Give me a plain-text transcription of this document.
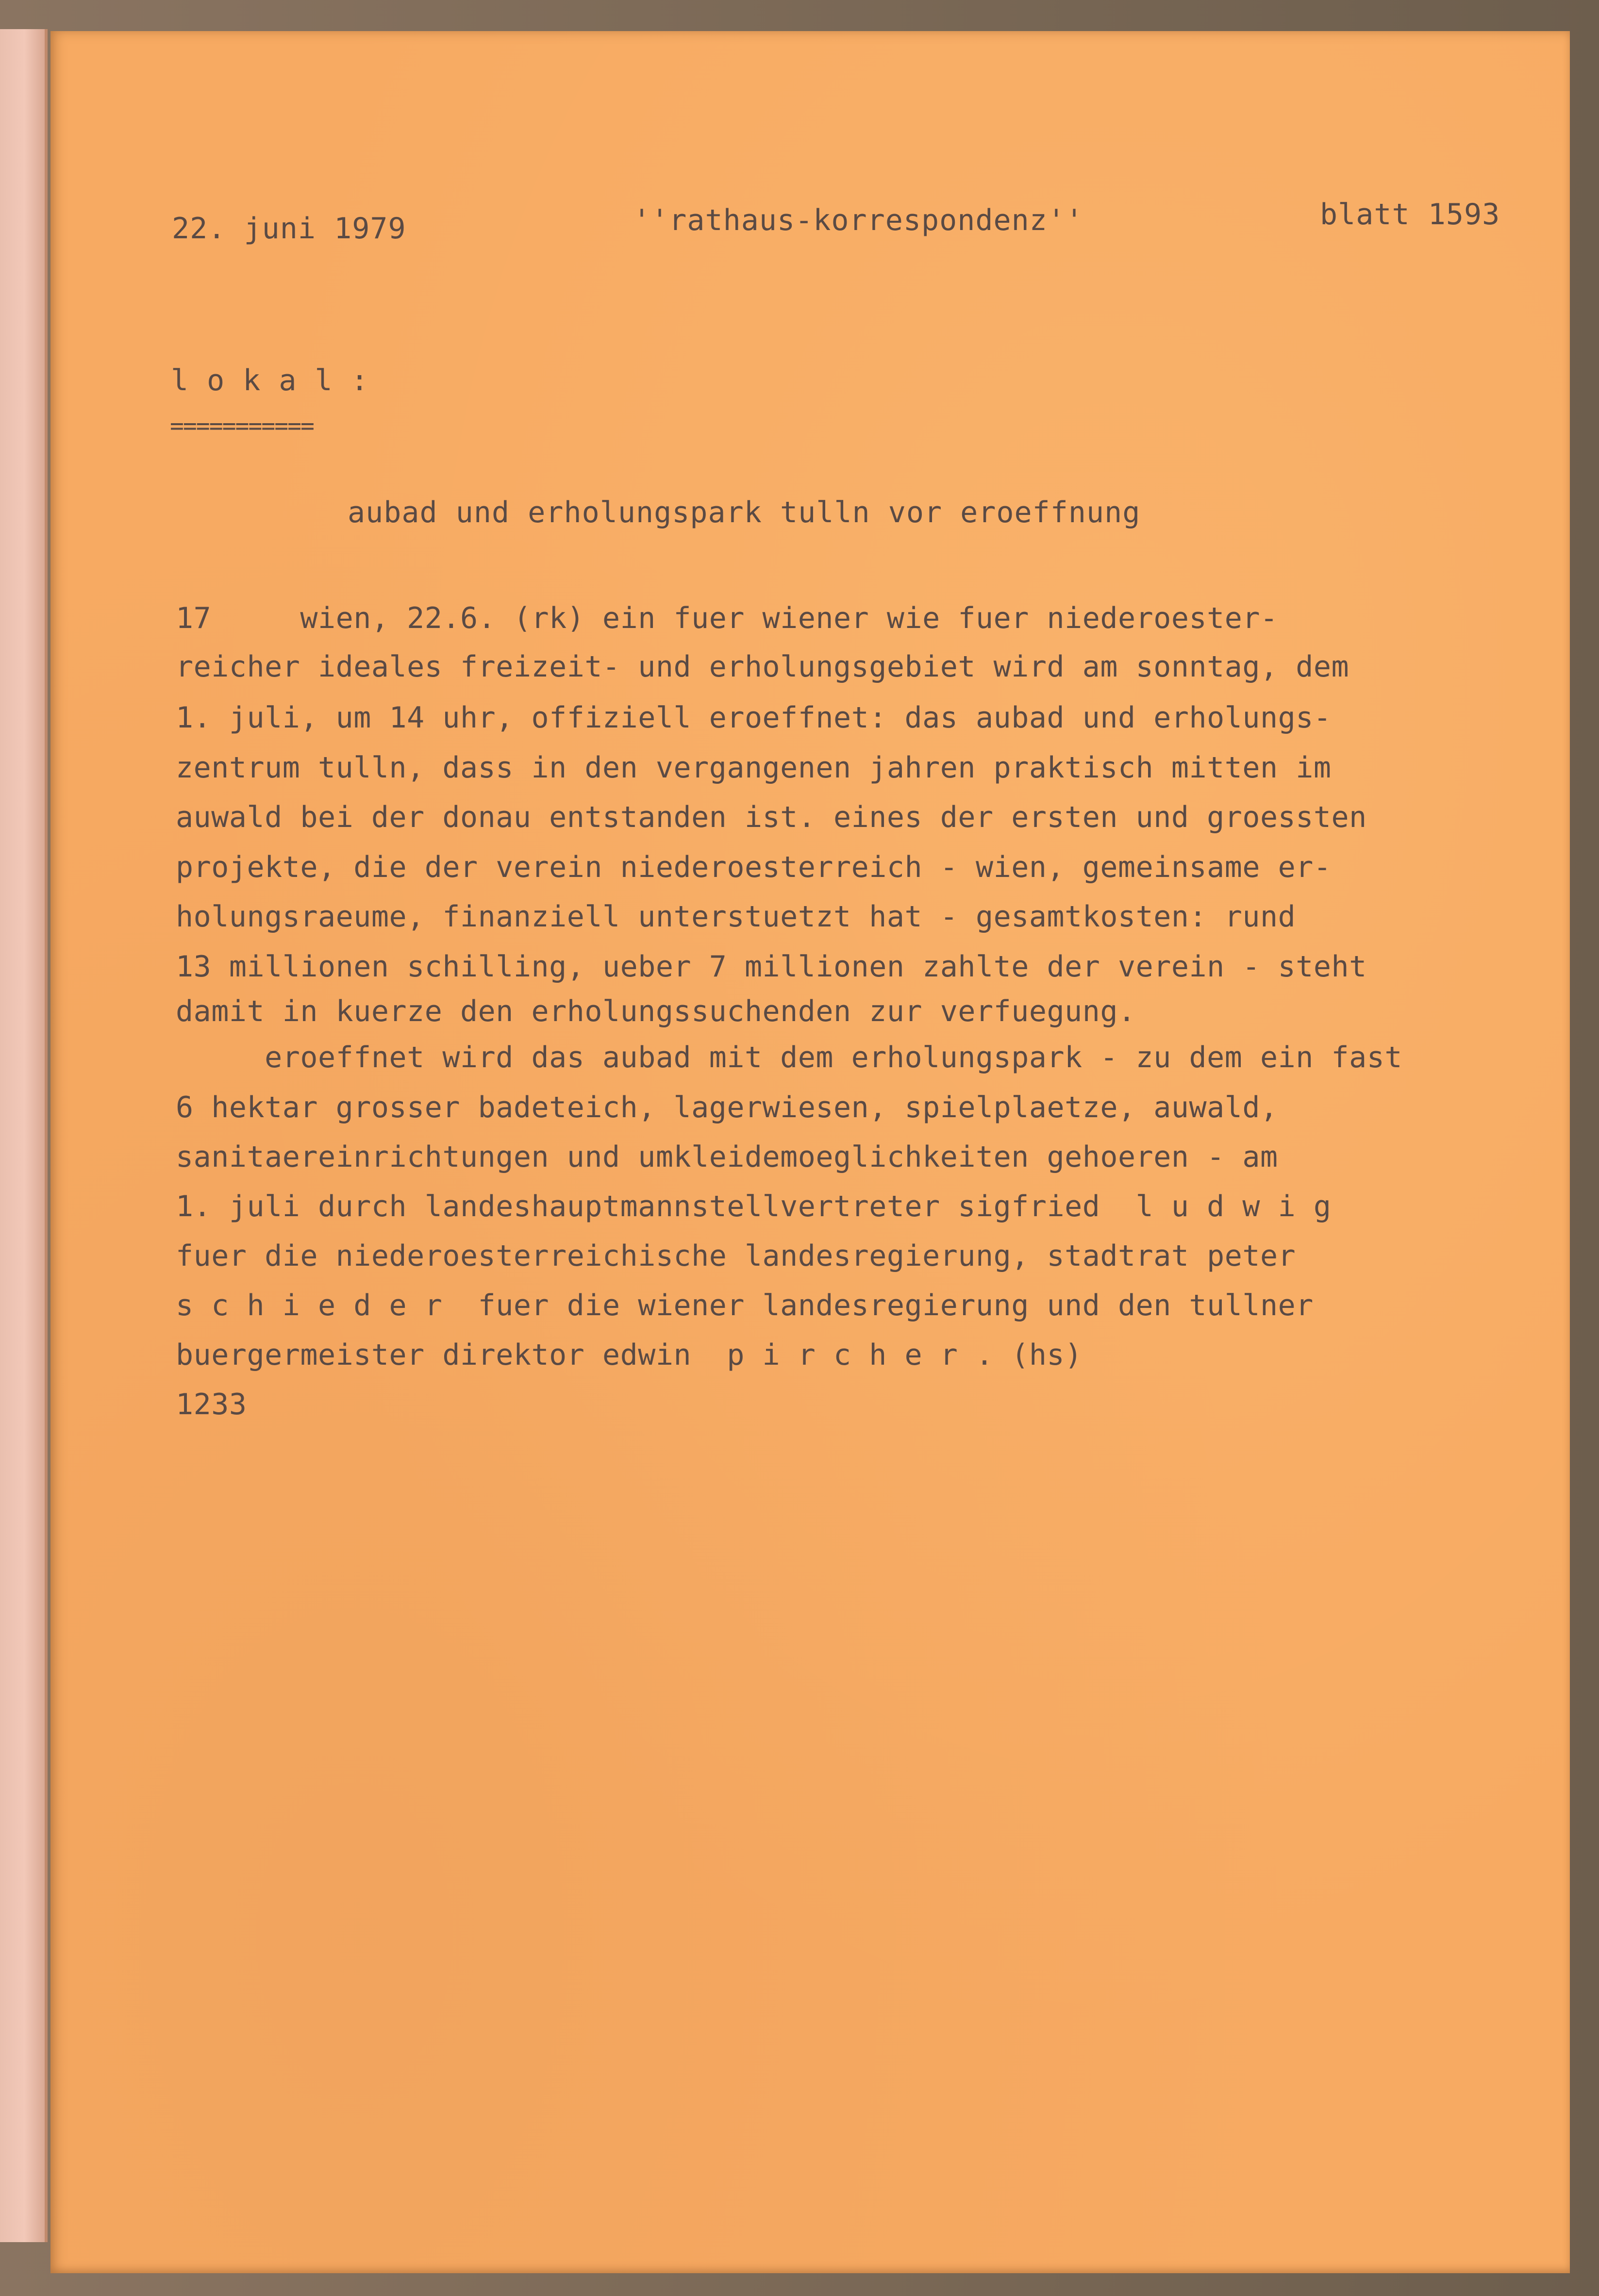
22. juni 1979	''rathaus-korrespondenz''	blatt 1593
lokal:
===========
aubad und erholungspark tulln vor eroeffnung
17     wien, 22.6. (rk) ein fuer wiener wie fuer niederoester-
reicher ideales freizeit- und erholungsgebiet wird am sonntag, dem
1. juli, um 14 uhr, offiziell eroeffnet: das aubad und erholungs-
zentrum tulln, dass in den vergangenen jahren praktisch mitten im
auwald bei der donau entstanden ist. eines der ersten und groessten
projekte, die der verein niederoesterreich - wien, gemeinsame er-
holungsraeume, finanziell unterstuetzt hat - gesamtkosten: rund
13 millionen schilling, ueber 7 millionen zahlte der verein - steht
damit in kuerze den erholungssuchenden zur verfuegung.
eroeffnet wird das aubad mit dem erholungspark - zu dem ein fast
6 hektar grosser badeteich, lagerwiesen, spielplaetze, auwald,
sanitaereinrichtungen und umkleidemoeglichkeiten gehoeren - am
1. juli durch landeshauptmannstellvertreter sigfried  l u d w i g
fuer die niederoesterreichische landesregierung, stadtrat peter
s c h i e d e r  fuer die wiener landesregierung und den tullner
buergermeister direktor edwin  p i r c h e r . (hs)
1233
